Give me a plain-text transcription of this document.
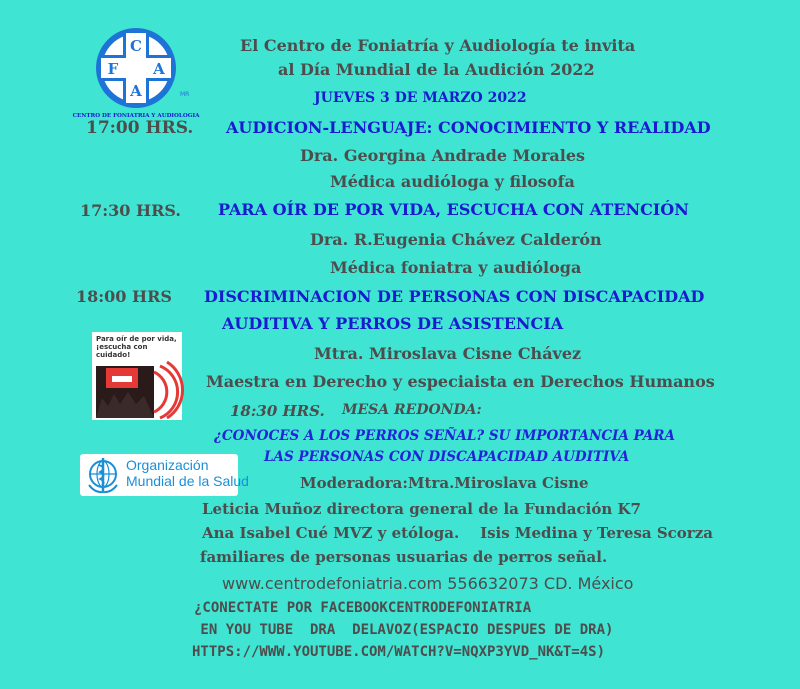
C
F A
A	MR
CENTRO DE FONIATRIA Y AUDIOLOGIA
El Centro de Foniatría y Audiología te invita
al Día Mundial de la Audición 2022
JUEVES 3 DE MARZO 2022
17:00 HRS. AUDICION-LENGUAJE: CONOCIMIENTO Y REALIDAD
Dra. Georgina Andrade Morales
Médica audióloga y filosofa
17:30 HRS. PARA OÍR DE POR VIDA, ESCUCHA CON ATENCIÓN
Dra. R.Eugenia Chávez Calderón
Médica foniatra y audióloga
18:00 HRS DISCRIMINACION DE PERSONAS CON DISCAPACIDAD
AUDITIVA Y PERROS DE ASISTENCIA
Mtra. Miroslava Cisne Chávez
Maestra en Derecho y especiaista en Derechos Humanos
Para oír de por vida, ¡escucha con cuidado!
18:30 HRS. MESA REDONDA:
¿CONOCES A LOS PERROS SEÑAL? SU IMPORTANCIA PARA
LAS PERSONAS CON DISCAPACIDAD AUDITIVA
Moderadora:Mtra.Miroslava Cisne
Leticia Muñoz directora general de la Fundación K7
Ana Isabel Cué MVZ y etóloga.    Isis Medina y Teresa Scorza
familiares de personas usuarias de perros señal.
Organización
Mundial de la Salud
www.centrodefoniatria.com 556632073 CD. México
¿CONECTATE POR FACEBOOKCENTRODEFONIATRIA
EN YOU TUBE  DRA  DELAVOZ(ESPACIO DESPUES DE DRA)
HTTPS://WWW.YOUTUBE.COM/WATCH?V=NQXP3YVD_NK&T=4S)
